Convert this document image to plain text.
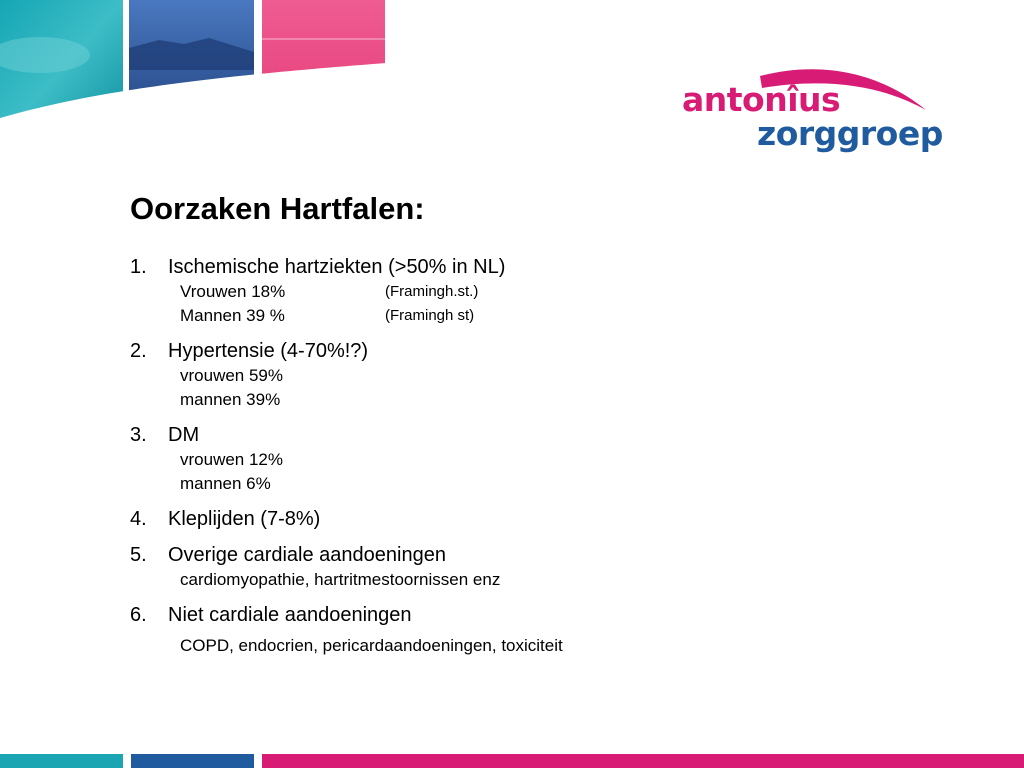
antonîus
zorggroep
Oorzaken Hartfalen:
1.	Ischemische hartziekten (>50% in NL)
Vrouwen 18%	(Framingh.st.)
Mannen 39 %	(Framingh st)
2.	Hypertensie (4-70%!?)
vrouwen 59%
mannen 39%
3.	DM
vrouwen 12%
mannen 6%
4.	Kleplijden (7-8%)
5.	Overige cardiale aandoeningen
cardiomyopathie, hartritmestoornissen enz
6.	Niet cardiale aandoeningen
COPD, endocrien, pericardaandoeningen, toxiciteit
